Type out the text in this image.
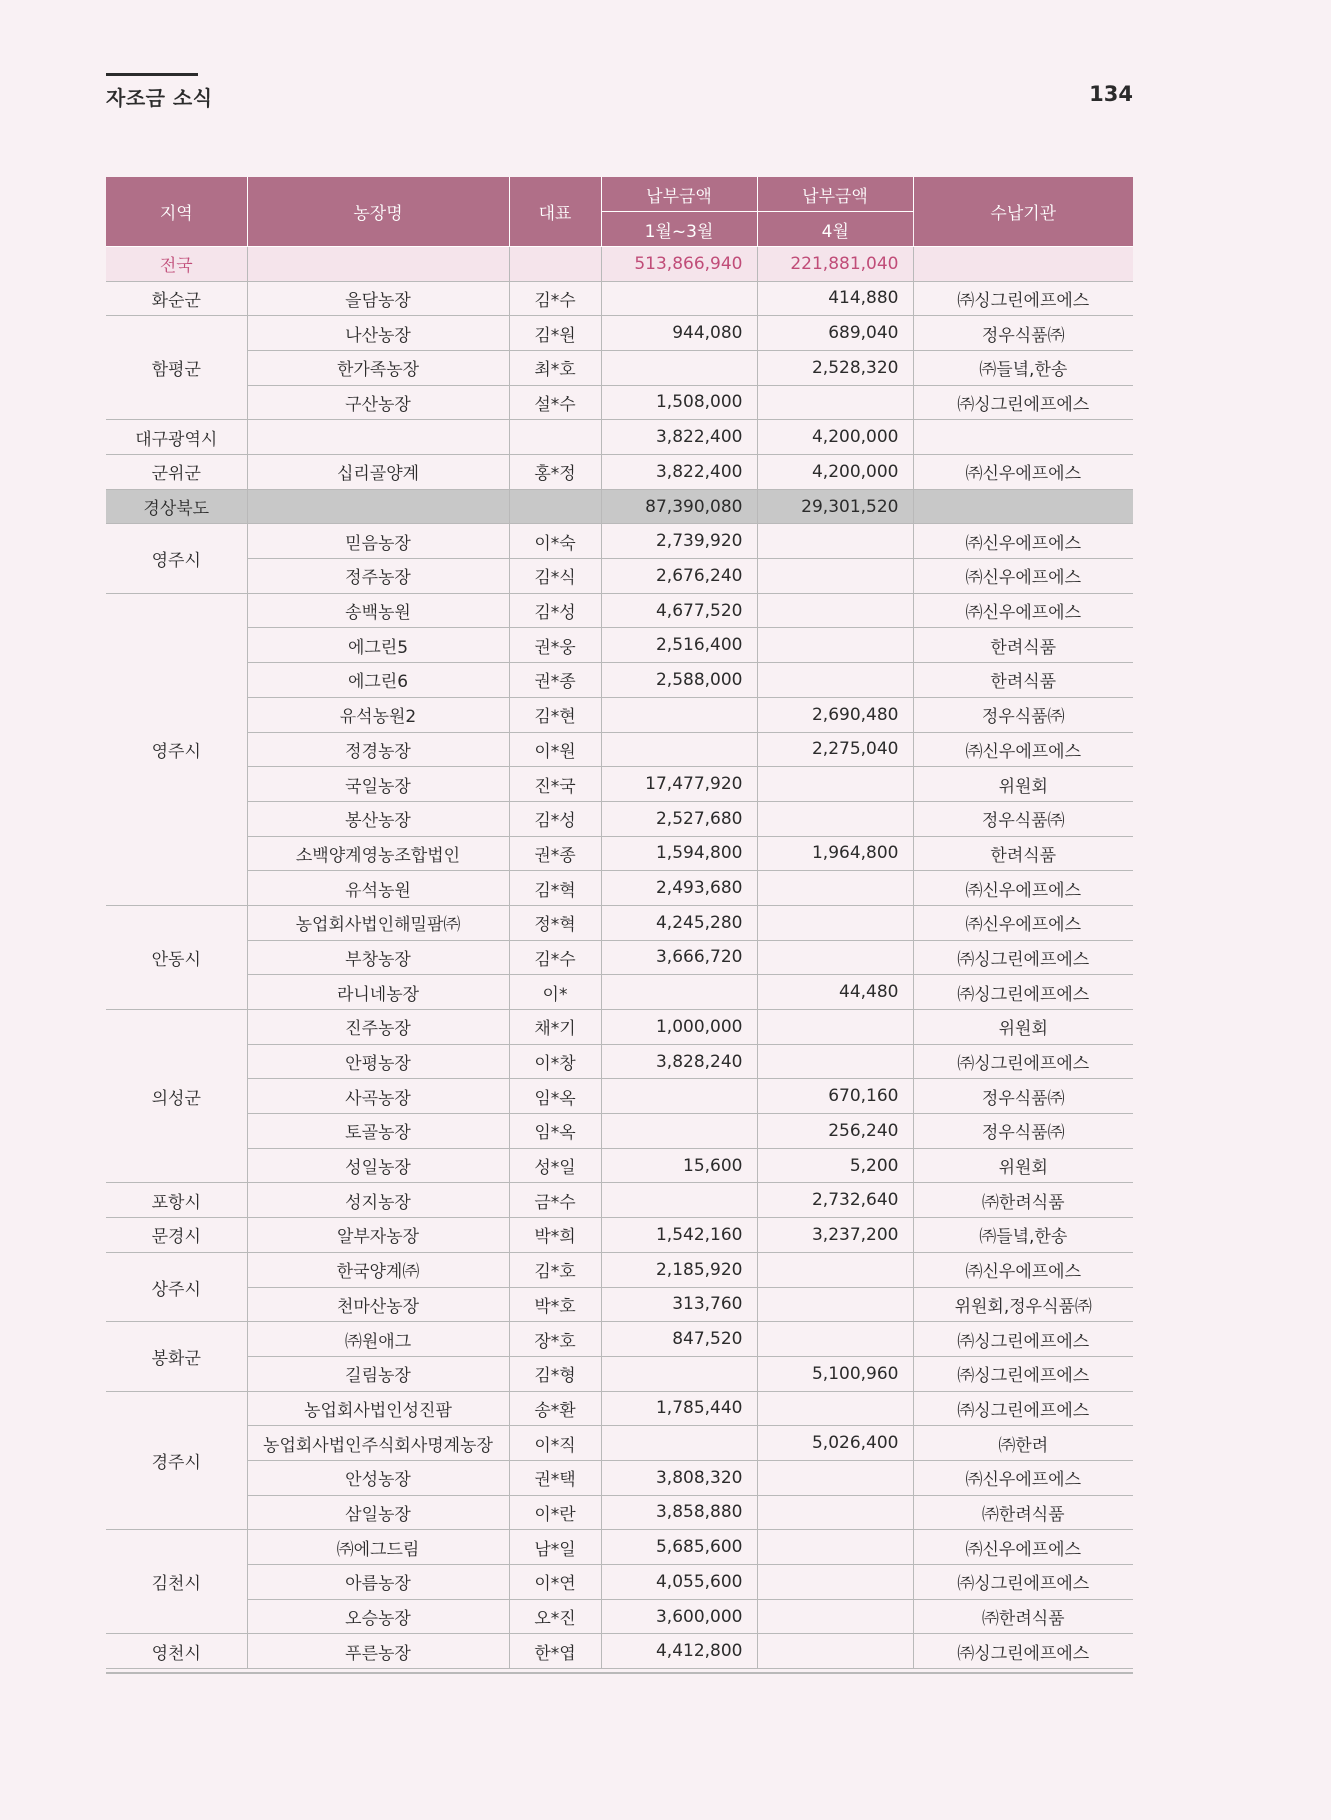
자조금 소식	134
지역	농장명	대표	납부금액	납부금액	수납기관
			1월~3월	4월	
전국			513,866,940	221,881,040	
화순군	을담농장	김*수		414,880	㈜싱그린에프에스
함평군	나산농장	김*원	944,080	689,040	정우식품㈜
	한가족농장	최*호		2,528,320	㈜들녘,한송
	구산농장	설*수	1,508,000		㈜싱그린에프에스
대구광역시			3,822,400	4,200,000	
군위군	십리골양계	홍*정	3,822,400	4,200,000	㈜신우에프에스
경상북도			87,390,080	29,301,520	
영주시	믿음농장	이*숙	2,739,920		㈜신우에프에스
	정주농장	김*식	2,676,240		㈜신우에프에스
영주시	송백농원	김*성	4,677,520		㈜신우에프에스
	에그린5	권*웅	2,516,400		한려식품
	에그린6	권*종	2,588,000		한려식품
	유석농원2	김*현		2,690,480	정우식품㈜
	정경농장	이*원		2,275,040	㈜신우에프에스
	국일농장	진*국	17,477,920		위원회
	봉산농장	김*성	2,527,680		정우식품㈜
	소백양계영농조합법인	권*종	1,594,800	1,964,800	한려식품
	유석농원	김*혁	2,493,680		㈜신우에프에스
안동시	농업회사법인해밀팜㈜	정*혁	4,245,280		㈜신우에프에스
	부창농장	김*수	3,666,720		㈜싱그린에프에스
	라니네농장	이*		44,480	㈜싱그린에프에스
의성군	진주농장	채*기	1,000,000		위원회
	안평농장	이*창	3,828,240		㈜싱그린에프에스
	사곡농장	임*옥		670,160	정우식품㈜
	토골농장	임*옥		256,240	정우식품㈜
	성일농장	성*일	15,600	5,200	위원회
포항시	성지농장	금*수		2,732,640	㈜한려식품
문경시	알부자농장	박*희	1,542,160	3,237,200	㈜들녘,한송
상주시	한국양계㈜	김*호	2,185,920		㈜신우에프에스
	천마산농장	박*호	313,760		위원회,정우식품㈜
봉화군	㈜원애그	장*호	847,520		㈜싱그린에프에스
	길림농장	김*형		5,100,960	㈜싱그린에프에스
경주시	농업회사법인성진팜	송*환	1,785,440		㈜싱그린에프에스
	농업회사법인주식회사명계농장	이*직		5,026,400	㈜한려
	안성농장	권*택	3,808,320		㈜신우에프에스
	삼일농장	이*란	3,858,880		㈜한려식품
김천시	㈜에그드림	남*일	5,685,600		㈜신우에프에스
	아름농장	이*연	4,055,600		㈜싱그린에프에스
	오승농장	오*진	3,600,000		㈜한려식품
영천시	푸른농장	한*엽	4,412,800		㈜싱그린에프에스
